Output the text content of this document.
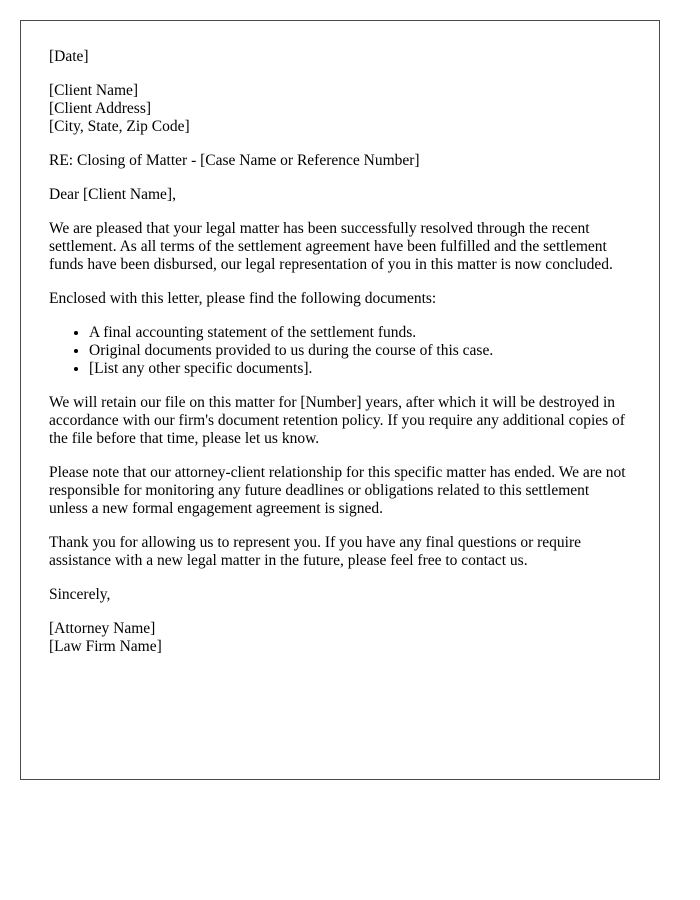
[Date]

[Client Name]
[Client Address]
[City, State, Zip Code]

RE: Closing of Matter - [Case Name or Reference Number]

Dear [Client Name],

We are pleased that your legal matter has been successfully resolved through the recent settlement. As all terms of the settlement agreement have been fulfilled and the settlement funds have been disbursed, our legal representation of you in this matter is now concluded.

Enclosed with this letter, please find the following documents:

• A final accounting statement of the settlement funds.
• Original documents provided to us during the course of this case.
• [List any other specific documents].

We will retain our file on this matter for [Number] years, after which it will be destroyed in accordance with our firm's document retention policy. If you require any additional copies of the file before that time, please let us know.

Please note that our attorney-client relationship for this specific matter has ended. We are not responsible for monitoring any future deadlines or obligations related to this settlement unless a new formal engagement agreement is signed.

Thank you for allowing us to represent you. If you have any final questions or require assistance with a new legal matter in the future, please feel free to contact us.

Sincerely,

[Attorney Name]
[Law Firm Name]
